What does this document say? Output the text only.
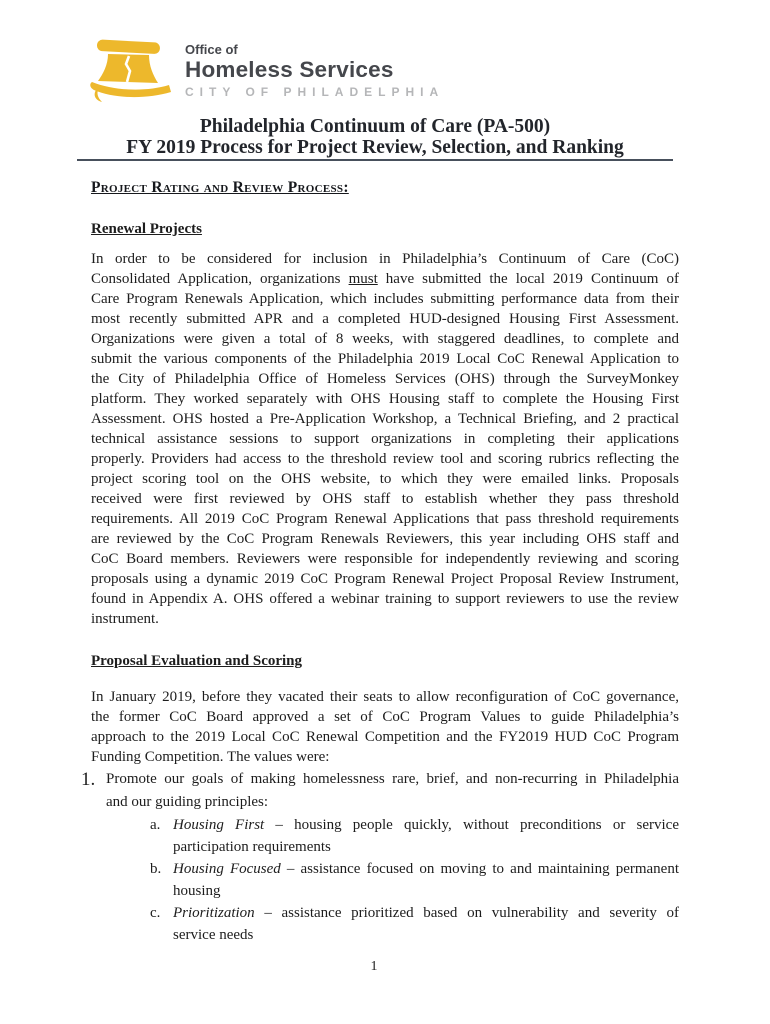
Office of
Homeless Services
CITY OF PHILADELPHIA
Philadelphia Continuum of Care (PA-500)
FY 2019 Process for Project Review, Selection, and Ranking
Project Rating and Review Process:
Renewal Projects
In order to be considered for inclusion in Philadelphia’s Continuum of Care (CoC)
Consolidated Application, organizations must have submitted the local 2019 Continuum of
Care Program Renewals Application, which includes submitting performance data from their
most recently submitted APR and a completed HUD-designed Housing First Assessment.
Organizations were given a total of 8 weeks, with staggered deadlines, to complete and
submit the various components of the Philadelphia 2019 Local CoC Renewal Application to
the City of Philadelphia Office of Homeless Services (OHS) through the SurveyMonkey
platform. They worked separately with OHS Housing staff to complete the Housing First
Assessment. OHS hosted a Pre-Application Workshop, a Technical Briefing, and 2 practical
technical assistance sessions to support organizations in completing their applications
properly. Providers had access to the threshold review tool and scoring rubrics reflecting the
project scoring tool on the OHS website, to which they were emailed links. Proposals
received were first reviewed by OHS staff to establish whether they pass threshold
requirements. All 2019 CoC Program Renewal Applications that pass threshold requirements
are reviewed by the CoC Program Renewals Reviewers, this year including OHS staff and
CoC Board members. Reviewers were responsible for independently reviewing and scoring
proposals using a dynamic 2019 CoC Program Renewal Project Proposal Review Instrument,
found in Appendix A. OHS offered a webinar training to support reviewers to use the review
instrument.
Proposal Evaluation and Scoring
In January 2019, before they vacated their seats to allow reconfiguration of CoC governance,
the former CoC Board approved a set of CoC Program Values to guide Philadelphia’s
approach to the 2019 Local CoC Renewal Competition and the FY2019 HUD CoC Program
Funding Competition. The values were:
1. Promote our goals of making homelessness rare, brief, and non-recurring in Philadelphia
and our guiding principles:
a. Housing First – housing people quickly, without preconditions or service
participation requirements
b. Housing Focused – assistance focused on moving to and maintaining permanent
housing
c. Prioritization – assistance prioritized based on vulnerability and severity of
service needs
1
